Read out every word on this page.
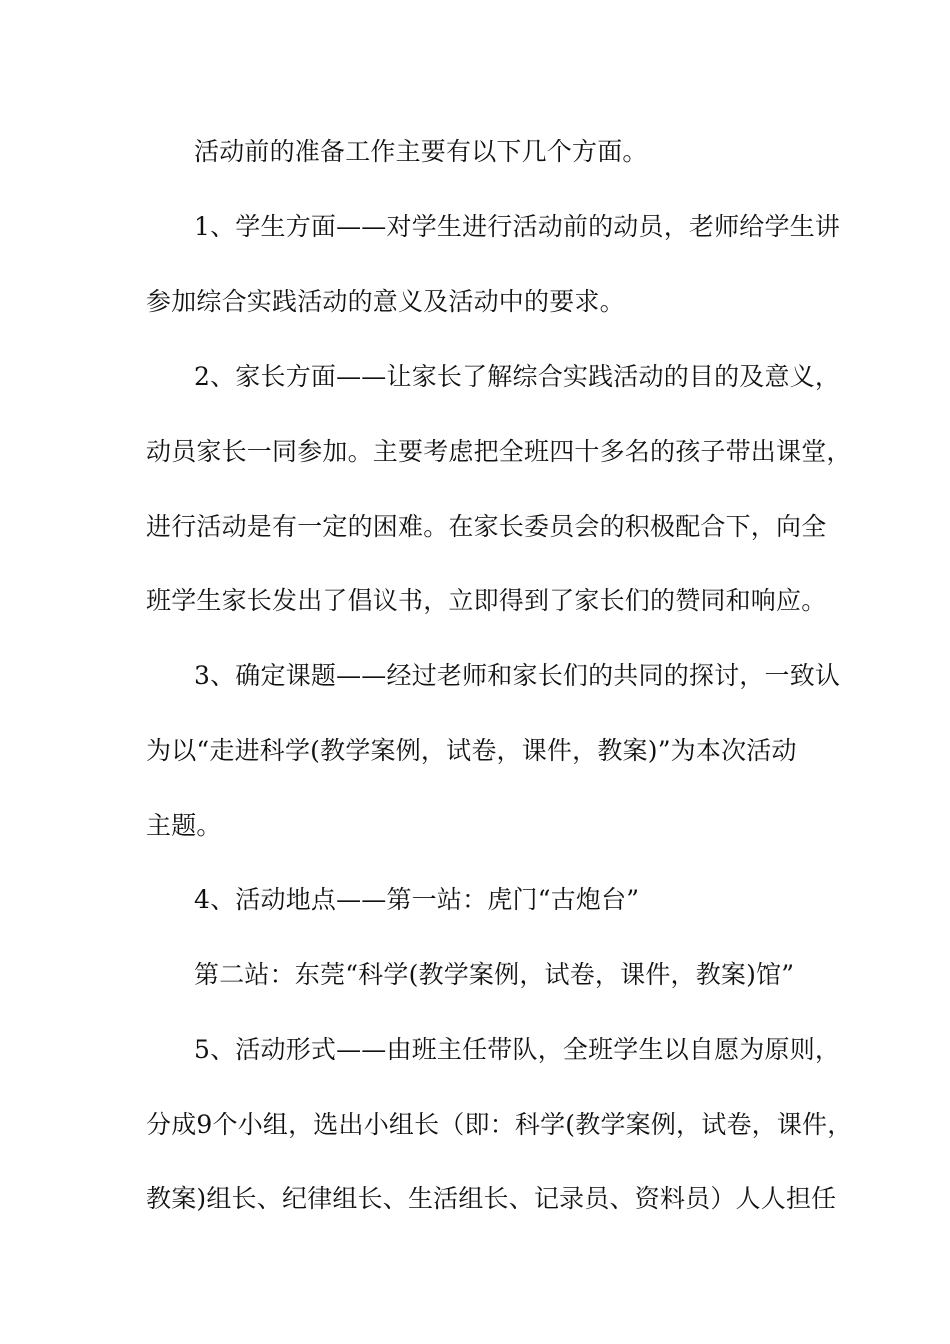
活动前的准备工作主要有以下几个方面。
1、学生方面——对学生进行活动前的动员，老师给学生讲
参加综合实践活动的意义及活动中的要求。
2、家长方面——让家长了解综合实践活动的目的及意义，
动员家长一同参加。主要考虑把全班四十多名的孩子带出课堂，
进行活动是有一定的困难。在家长委员会的积极配合下，向全
班学生家长发出了倡议书，立即得到了家长们的赞同和响应。
3、确定课题——经过老师和家长们的共同的探讨，一致认
为以“走进科学(教学案例，试卷，课件，教案)”为本次活动
主题。
4、活动地点——第一站：虎门“古炮台”
第二站：东莞“科学(教学案例，试卷，课件，教案)馆”
5、活动形式——由班主任带队，全班学生以自愿为原则，
分成9个小组，选出小组长（即：科学(教学案例，试卷，课件，
教案)组长、纪律组长、生活组长、记录员、资料员）人人担任
